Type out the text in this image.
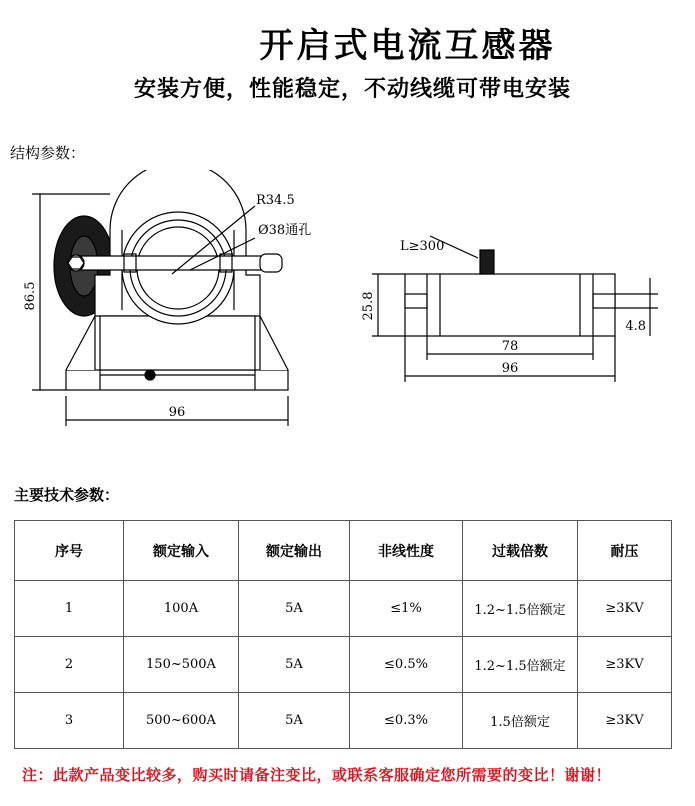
开启式电流互感器
安装方便，性能稳定，不动线缆可带电安装
结构参数：
R34.5
Ø38通孔
86.5
96
L≥300
25.8
4.8
78
96
主要技术参数：
序号	额定输入	额定输出	非线性度	过载倍数	耐压
1	100A	5A	≤1%	1.2~1.5倍额定	≥3KV
2	150~500A	5A	≤0.5%	1.2~1.5倍额定	≥3KV
3	500~600A	5A	≤0.3%	1.5倍额定	≥3KV
注：此款产品变比较多，购买时请备注变比，或联系客服确定您所需要的变比！谢谢！
